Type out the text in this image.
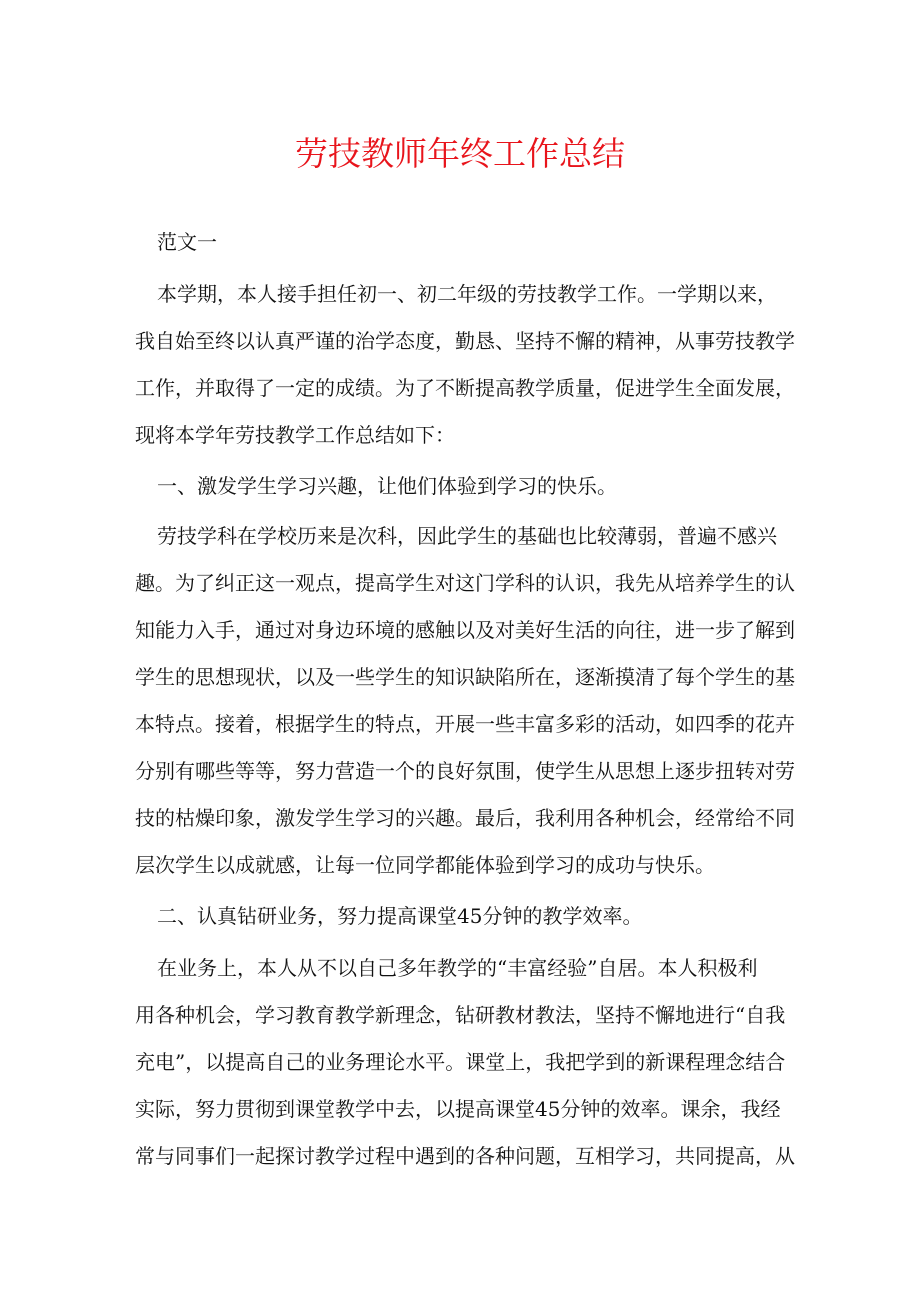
劳技教师年终工作总结
范文一
本学期，本人接手担任初一、初二年级的劳技教学工作。一学期以来，
我自始至终以认真严谨的治学态度，勤恳、坚持不懈的精神，从事劳技教学
工作，并取得了一定的成绩。为了不断提高教学质量，促进学生全面发展，
现将本学年劳技教学工作总结如下：
一、激发学生学习兴趣，让他们体验到学习的快乐。
劳技学科在学校历来是次科，因此学生的基础也比较薄弱，普遍不感兴
趣。为了纠正这一观点，提高学生对这门学科的认识，我先从培养学生的认
知能力入手，通过对身边环境的感触以及对美好生活的向往，进一步了解到
学生的思想现状，以及一些学生的知识缺陷所在，逐渐摸清了每个学生的基
本特点。接着，根据学生的特点，开展一些丰富多彩的活动，如四季的花卉
分别有哪些等等，努力营造一个的良好氛围，使学生从思想上逐步扭转对劳
技的枯燥印象，激发学生学习的兴趣。最后，我利用各种机会，经常给不同
层次学生以成就感，让每一位同学都能体验到学习的成功与快乐。
二、认真钻研业务，努力提高课堂45分钟的教学效率。
在业务上，本人从不以自己多年教学的“丰富经验”自居。本人积极利
用各种机会，学习教育教学新理念，钻研教材教法，坚持不懈地进行“自我
充电”，以提高自己的业务理论水平。课堂上，我把学到的新课程理念结合
实际，努力贯彻到课堂教学中去，以提高课堂45分钟的效率。课余，我经
常与同事们一起探讨教学过程中遇到的各种问题，互相学习，共同提高，从
